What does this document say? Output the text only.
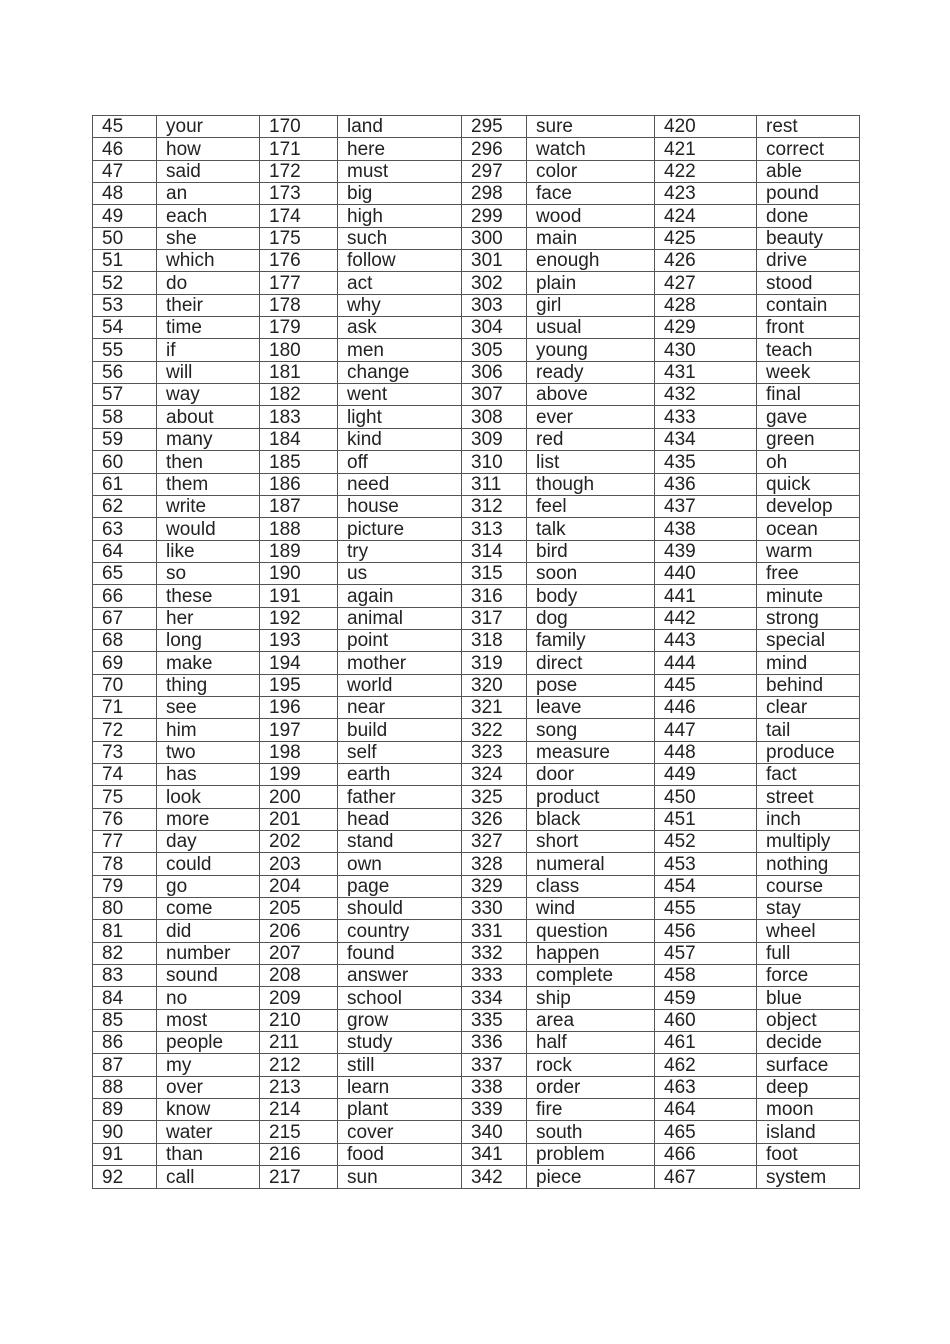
45	your	170	land	295	sure	420	rest
46	how	171	here	296	watch	421	correct
47	said	172	must	297	color	422	able
48	an	173	big	298	face	423	pound
49	each	174	high	299	wood	424	done
50	she	175	such	300	main	425	beauty
51	which	176	follow	301	enough	426	drive
52	do	177	act	302	plain	427	stood
53	their	178	why	303	girl	428	contain
54	time	179	ask	304	usual	429	front
55	if	180	men	305	young	430	teach
56	will	181	change	306	ready	431	week
57	way	182	went	307	above	432	final
58	about	183	light	308	ever	433	gave
59	many	184	kind	309	red	434	green
60	then	185	off	310	list	435	oh
61	them	186	need	311	though	436	quick
62	write	187	house	312	feel	437	develop
63	would	188	picture	313	talk	438	ocean
64	like	189	try	314	bird	439	warm
65	so	190	us	315	soon	440	free
66	these	191	again	316	body	441	minute
67	her	192	animal	317	dog	442	strong
68	long	193	point	318	family	443	special
69	make	194	mother	319	direct	444	mind
70	thing	195	world	320	pose	445	behind
71	see	196	near	321	leave	446	clear
72	him	197	build	322	song	447	tail
73	two	198	self	323	measure	448	produce
74	has	199	earth	324	door	449	fact
75	look	200	father	325	product	450	street
76	more	201	head	326	black	451	inch
77	day	202	stand	327	short	452	multiply
78	could	203	own	328	numeral	453	nothing
79	go	204	page	329	class	454	course
80	come	205	should	330	wind	455	stay
81	did	206	country	331	question	456	wheel
82	number	207	found	332	happen	457	full
83	sound	208	answer	333	complete	458	force
84	no	209	school	334	ship	459	blue
85	most	210	grow	335	area	460	object
86	people	211	study	336	half	461	decide
87	my	212	still	337	rock	462	surface
88	over	213	learn	338	order	463	deep
89	know	214	plant	339	fire	464	moon
90	water	215	cover	340	south	465	island
91	than	216	food	341	problem	466	foot
92	call	217	sun	342	piece	467	system
